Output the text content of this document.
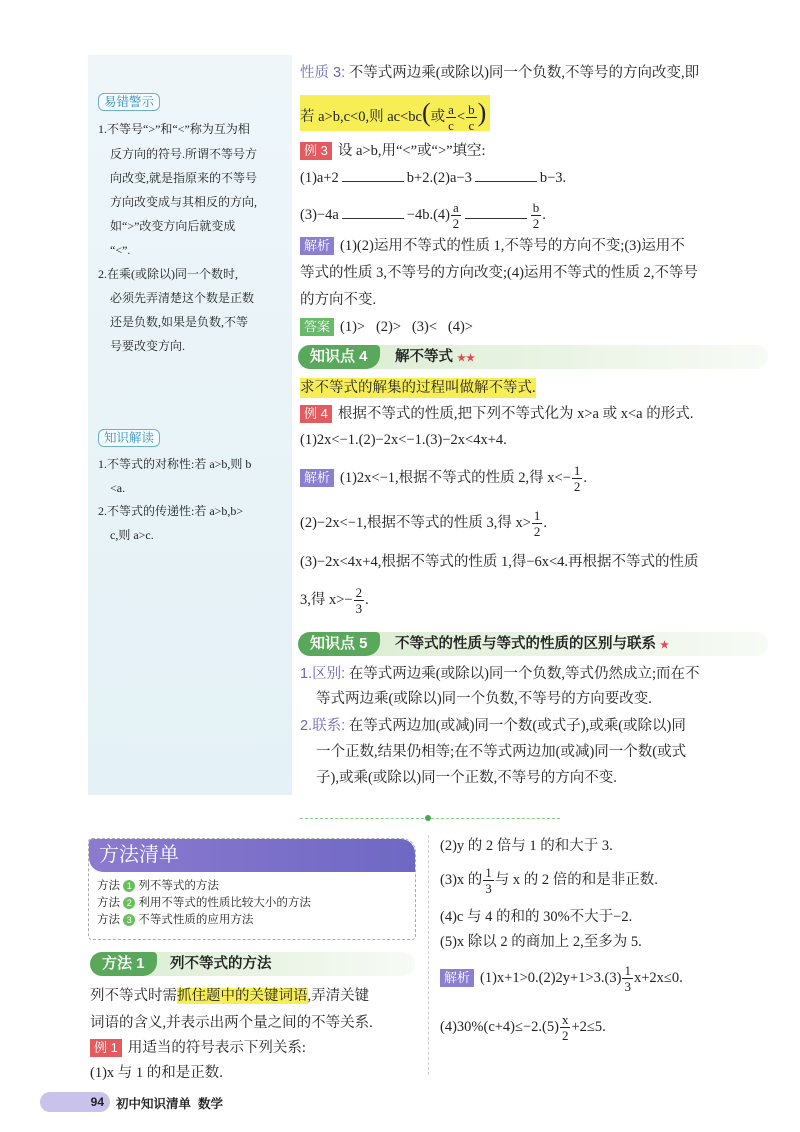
易错警示
1.不等号“>”和“<”称为互为相
反方向的符号.所谓不等号方
向改变,就是指原来的不等号
方向改变成与其相反的方向,
如“>”改变方向后就变成
“<”.
2.在乘(或除以)同一个数时,
必须先弄清楚这个数是正数
还是负数,如果是负数,不等
号要改变方向.
知识解读
1.不等式的对称性:若 a>b,则 b
<a.
2.不等式的传递性:若 a>b,b>
c,则 a>c.
性质 3: 不等式两边乘(或除以)同一个负数,不等号的方向改变,即
若 a>b,c<0,则 ac<bc(或 $\frac{a}{c} < \frac{b}{c}$ )
例 3 设 a>b,用“<”或“>”填空:
(1)a+2	b+2.(2)a−3	b−3.
(3)−4a	$-4b.(4) \frac{a}{2}$	$\frac{b}{2}$ .
解析 (1)(2)运用不等式的性质 1,不等号的方向不变;(3)运用不
等式的性质 3,不等号的方向改变;(4)运用不等式的性质 2,不等号
的方向不变.
答案 (1)>   (2)>   (3)<   (4)>
知识点 4	解不等式 ★★
求不等式的解集的过程叫做解不等式.
例 4 根据不等式的性质,把下列不等式化为 x>a 或 x<a 的形式.
(1)2x<−1.(2)−2x<−1.(3)−2x<4x+4.
解析 (1)2x<−1,根据不等式的性质 2,得 $x<- \frac{1}{2}$ .
(2)−2x<−1,根据不等式的性质 3,得 $x> \frac{1}{2}$ .
(3)−2x<4x+4,根据不等式的性质 1,得−6x<4.再根据不等式的性质
3,得 $x>- \frac{2}{3}$ .
知识点 5	不等式的性质与等式的性质的区别与联系 ★
1.区别: 在等式两边乘(或除以)同一个负数,等式仍然成立;而在不
等式两边乘(或除以)同一个负数,不等号的方向要改变.
2.联系: 在等式两边加(或减)同一个数(或式子),或乘(或除以)同
一个正数,结果仍相等;在不等式两边加(或减)同一个数(或式
子),或乘(或除以)同一个正数,不等号的方向不变.
方法清单
方法 1 列不等式的方法
方法 2 利用不等式的性质比较大小的方法
方法 3 不等式性质的应用方法
方法 1	列不等式的方法
列不等式时需抓住题中的关键词语,弄清关键
词语的含义,并表示出两个量之间的不等关系.
例 1 用适当的符号表示下列关系:
(1)x 与 1 的和是正数.
(2)y 的 2 倍与 1 的和大于 3.
(3)x 的 $\frac{1}{3}$ 与 x 的 2 倍的和是非正数.
(4)c 与 4 的和的 30%不大于−2.
(5)x 除以 2 的商加上 2,至多为 5.
解析 $(1)x+1>0.(2)2y+1>3.(3) \frac{1}{3} x+2x\le 0$.
$(4)30\%(c+4)\le-2.(5) \frac{x}{2} +2\le 5$.
94 初中知识清单  数学
